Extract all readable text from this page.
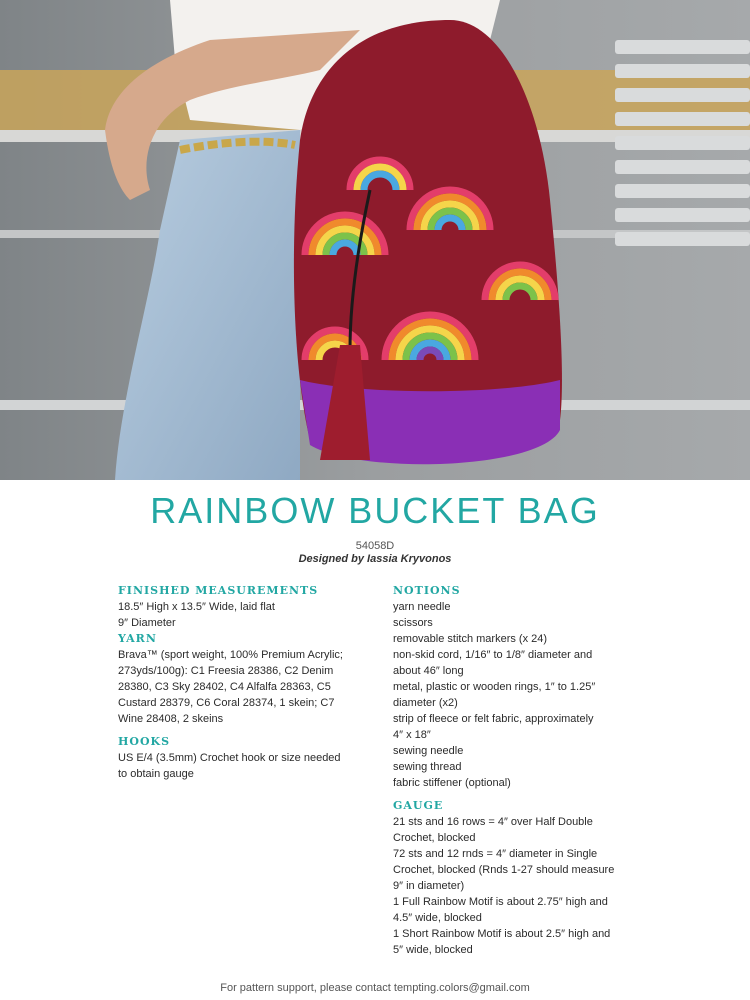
RAINBOW BUCKET BAG
54058D
Designed by Iassia Kryvonos

FINISHED MEASUREMENTS

18.5″ High x 13.5″ Wide, laid flat

9″ Diameter

YARN

Brava™ (sport weight, 100% Premium Acrylic;

273yds/100g): C1 Freesia 28386, C2 Denim

28380, C3 Sky 28402, C4 Alfalfa 28363, C5

Custard 28379, C6 Coral 28374, 1 skein; C7

Wine 28408, 2 skeins

HOOKS

US E/4 (3.5mm) Crochet hook or size needed

to obtain gauge

NOTIONS

yarn needle

scissors

removable stitch markers (x 24)

non-skid cord, 1/16″ to 1/8″ diameter and

about 46″ long

metal, plastic or wooden rings, 1″ to 1.25″

diameter (x2)

strip of fleece or felt fabric, approximately

4″ x 18″

sewing needle

sewing thread

fabric stiffener (optional)

GAUGE

21 sts and 16 rows = 4″ over Half Double

Crochet, blocked

72 sts and 12 rnds = 4″ diameter in Single

Crochet, blocked (Rnds 1-27 should measure

9″ in diameter)

1 Full Rainbow Motif is about 2.75″ high and

4.5″ wide, blocked

1 Short Rainbow Motif is about 2.5″ high and

5″ wide, blocked

For pattern support, please contact tempting.colors@gmail.com
